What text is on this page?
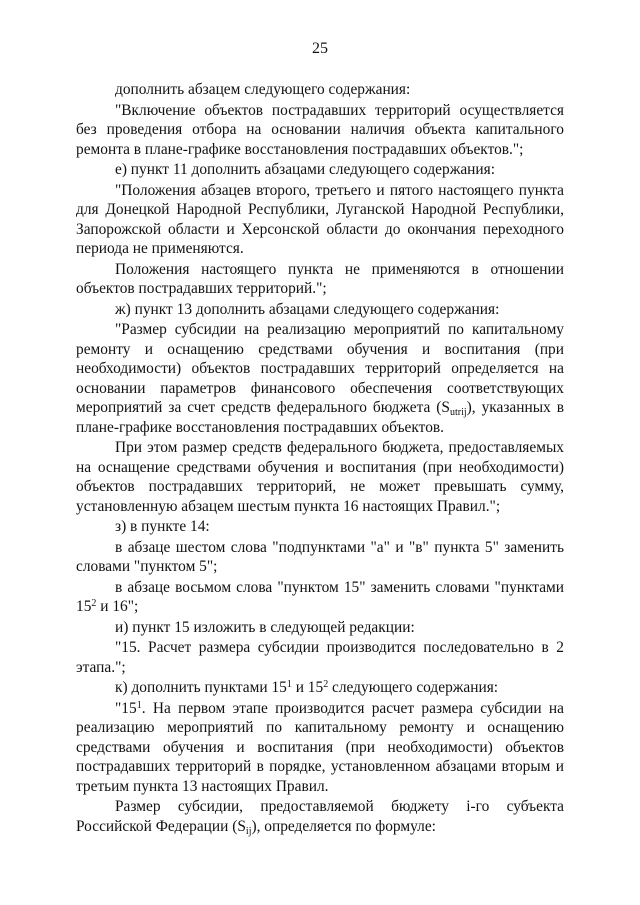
25

дополнить абзацем следующего содержания:

"Включение объектов пострадавших территорий осуществляется без проведения отбора на основании наличия объекта капитального ремонта в плане-графике восстановления пострадавших объектов.";

е) пункт 11 дополнить абзацами следующего содержания:

"Положения абзацев второго, третьего и пятого настоящего пункта для Донецкой Народной Республики, Луганской Народной Республики, Запорожской области и Херсонской области до окончания переходного периода не применяются.

Положения настоящего пункта не применяются в отношении объектов пострадавших территорий.";

ж) пункт 13 дополнить абзацами следующего содержания:

"Размер субсидии на реализацию мероприятий по капитальному ремонту и оснащению средствами обучения и воспитания (при необходимости) объектов пострадавших территорий определяется на основании параметров финансового обеспечения соответствующих мероприятий за счет средств федерального бюджета $(S_{utrij})$, указанных в плане-графике восстановления пострадавших объектов.

При этом размер средств федерального бюджета, предоставляемых на оснащение средствами обучения и воспитания (при необходимости) объектов пострадавших территорий, не может превышать сумму, установленную абзацем шестым пункта 16 настоящих Правил.";

з) в пункте 14:

в абзаце шестом слова "подпунктами "а" и "в" пункта 5" заменить словами "пунктом 5";

в абзаце восьмом слова "пунктом 15" заменить словами "пунктами $15^2$ и 16";

и) пункт 15 изложить в следующей редакции:

"15. Расчет размера субсидии производится последовательно в 2 этапа.";

к) дополнить пунктами $15^1$ и $15^2$ следующего содержания:

"$15^1$. На первом этапе производится расчет размера субсидии на реализацию мероприятий по капитальному ремонту и оснащению средствами обучения и воспитания (при необходимости) объектов пострадавших территорий в порядке, установленном абзацами вторым и третьим пункта 13 настоящих Правил.

Размер субсидии, предоставляемой бюджету i-го субъекта Российской Федерации $(S_{ij})$, определяется по формуле:
